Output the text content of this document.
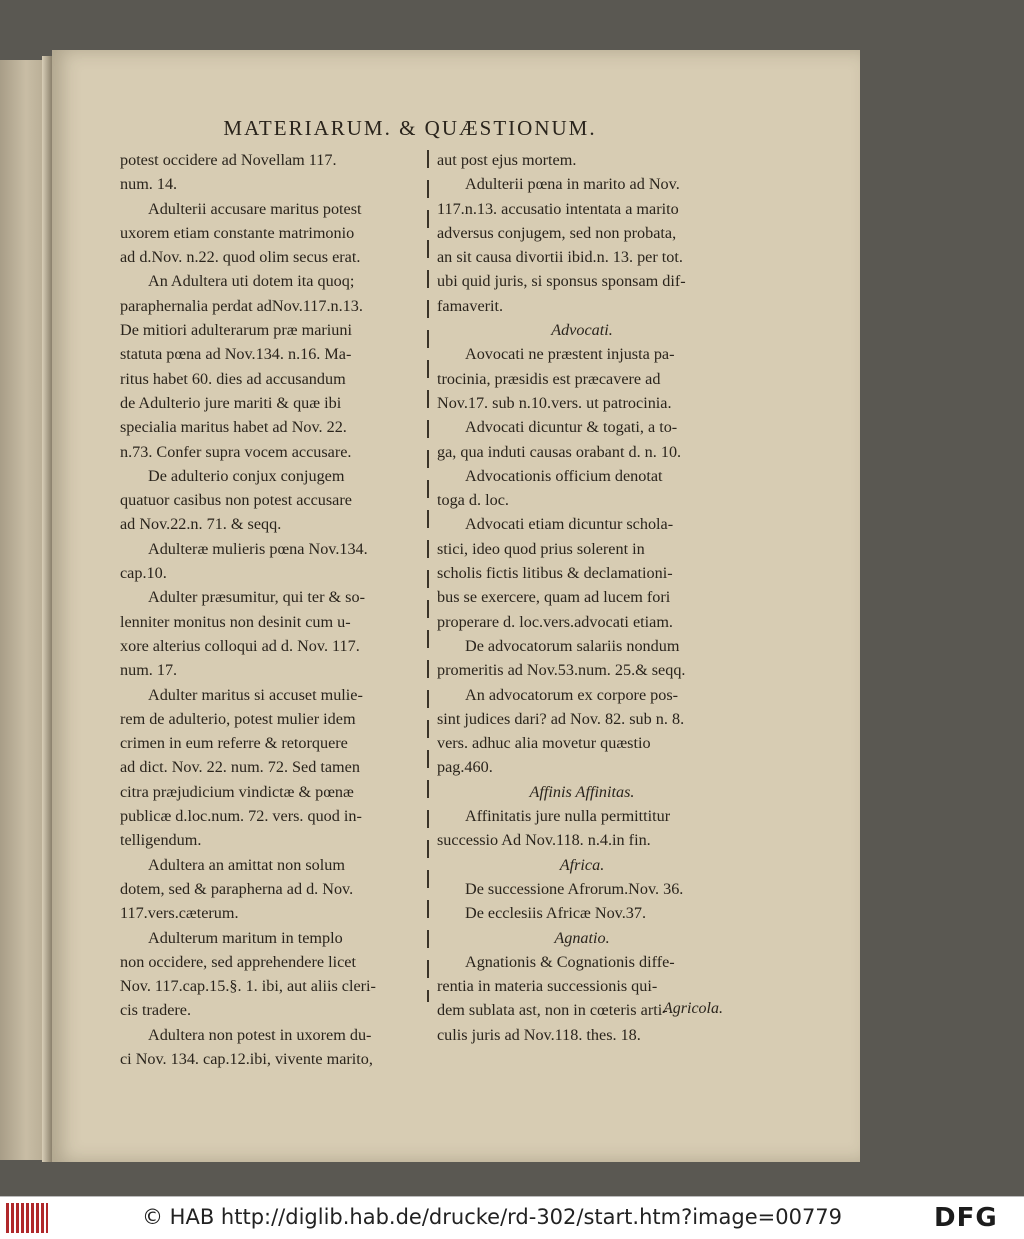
MATERIARUM. & QUÆSTIONUM.
potest occidere ad Novellam 117.
num. 14.
Adulterii accusare maritus potest
uxorem etiam constante matrimonio
ad d.Nov. n.22. quod olim secus erat.
An Adultera uti dotem ita quoq;
paraphernalia perdat adNov.117.n.13.
De mitiori adulterarum præ mariuni
statuta pœna ad Nov.134. n.16. Ma-
ritus habet 60. dies ad accusandum
de Adulterio jure mariti & quæ ibi
specialia maritus habet ad Nov. 22.
n.73. Confer supra vocem accusare.
De adulterio conjux conjugem
quatuor casibus non potest accusare
ad Nov.22.n. 71. & seqq.
Adulteræ mulieris pœna Nov.134.
cap.10.
Adulter præsumitur, qui ter & so-
lenniter monitus non desinit cum u-
xore alterius colloqui ad d. Nov. 117.
num. 17.
Adulter maritus si accuset mulie-
rem de adulterio, potest mulier idem
crimen in eum referre & retorquere
ad dict. Nov. 22. num. 72. Sed tamen
citra præjudicium vindictæ & pœnæ
publicæ d.loc.num. 72. vers. quod in-
telligendum.
Adultera an amittat non solum
dotem, sed & parapherna ad d. Nov.
117.vers.cæterum.
Adulterum maritum in templo
non occidere, sed apprehendere licet
Nov. 117.cap.15.§. 1. ibi, aut aliis cleri-
cis tradere.
Adultera non potest in uxorem du-
ci Nov. 134. cap.12.ibi, vivente marito,
aut post ejus mortem.
Adulterii pœna in marito ad Nov.
117.n.13. accusatio intentata a marito
adversus conjugem, sed non probata,
an sit causa divortii ibid.n. 13. per tot.
ubi quid juris, si sponsus sponsam dif-
famaverit.
Advocati.
Aovocati ne præstent injusta pa-
trocinia, præsidis est præcavere ad
Nov.17. sub n.10.vers. ut patrocinia.
Advocati dicuntur & togati, a to-
ga, qua induti causas orabant d. n. 10.
Advocationis officium denotat
toga d. loc.
Advocati etiam dicuntur schola-
stici, ideo quod prius solerent in
scholis fictis litibus & declamationi-
bus se exercere, quam ad lucem fori
properare d. loc.vers.advocati etiam.
De advocatorum salariis nondum
promeritis ad Nov.53.num. 25.& seqq.
An advocatorum ex corpore pos-
sint judices dari? ad Nov. 82. sub n. 8.
vers. adhuc alia movetur quæstio
pag.460.
Affinis Affinitas.
Affinitatis jure nulla permittitur
successio Ad Nov.118. n.4.in fin.
Africa.
De successione Afrorum.Nov. 36.
De ecclesiis Africæ Nov.37.
Agnatio.
Agnationis & Cognationis diffe-
rentia in materia successionis qui-
dem sublata ast, non in cœteris arti-
culis juris ad Nov.118. thes. 18.
Agricola.
© HAB http://diglib.hab.de/drucke/rd-302/start.htm?image=00779	DFG
